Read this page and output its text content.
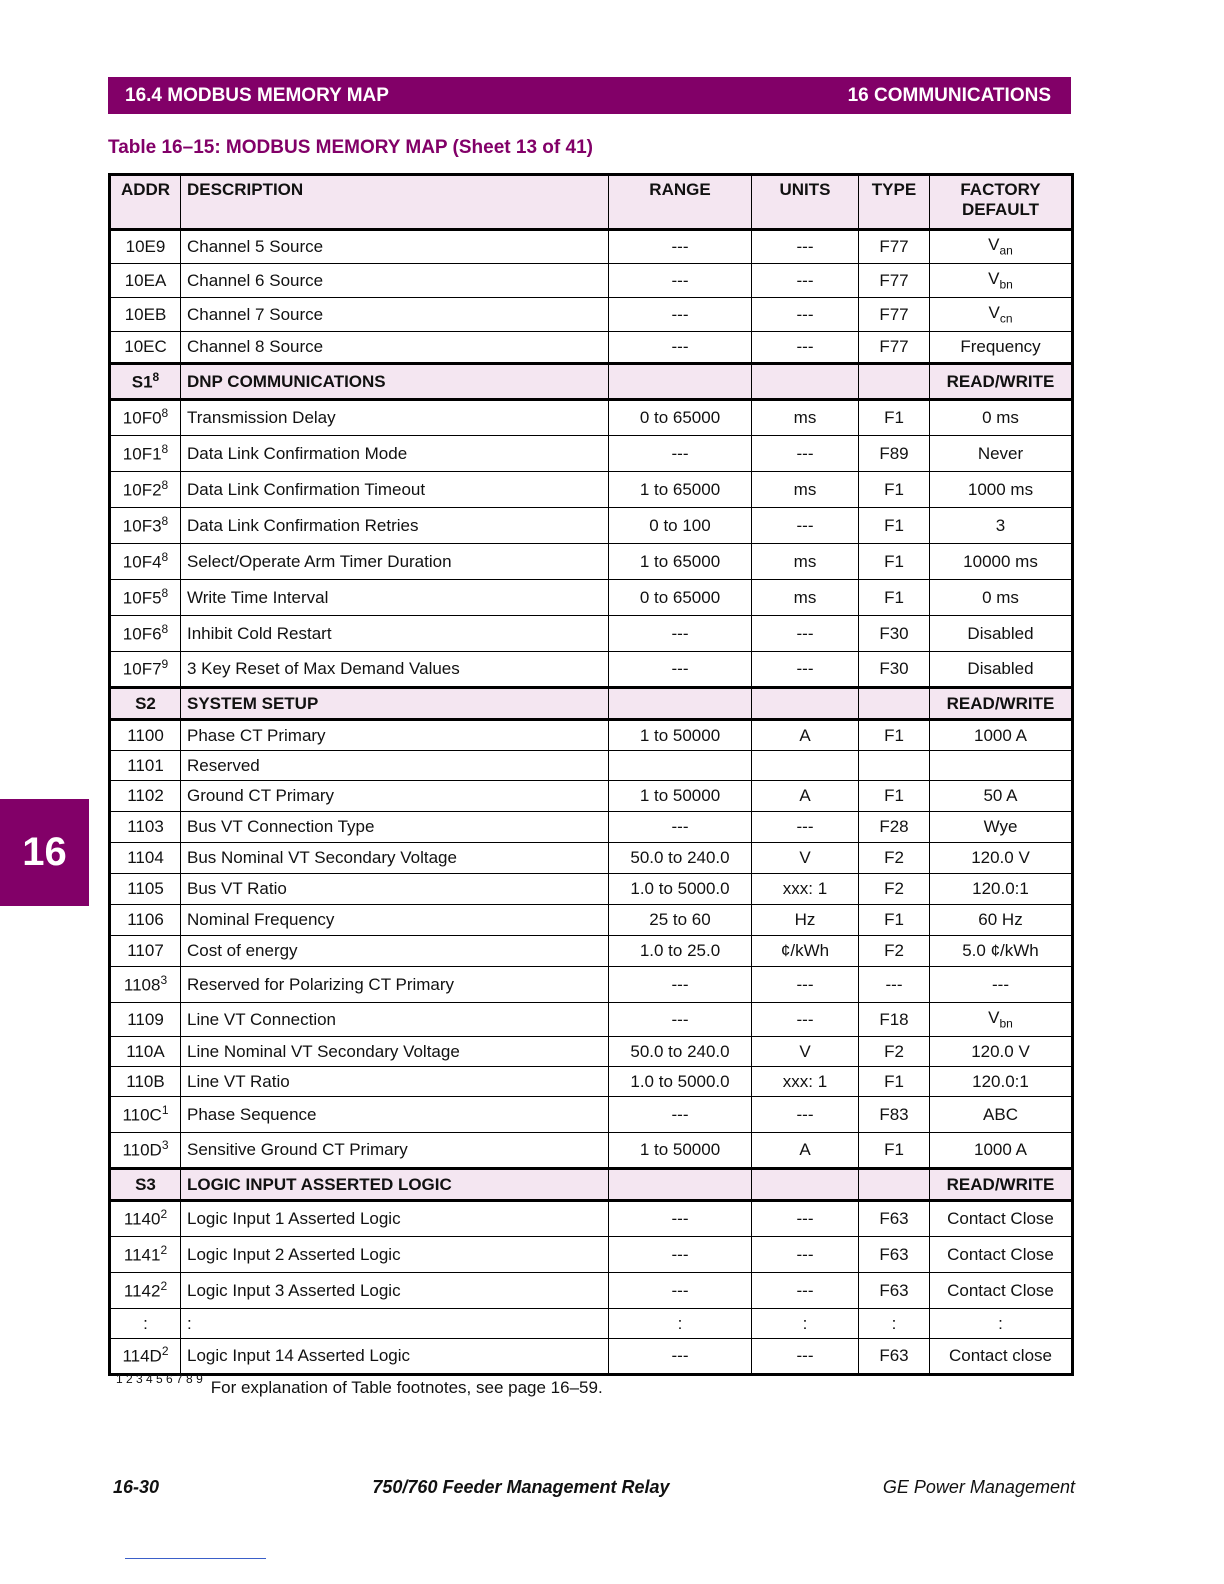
16.4 MODBUS MEMORY MAP	16 COMMUNICATIONS
Table 16–15: MODBUS MEMORY MAP (Sheet 13 of 41)
16
ADDR	DESCRIPTION	RANGE	UNITS	TYPE	FACTORY
DEFAULT
10E9	Channel 5 Source	---	---	F77	$V_{an}$
10EA	Channel 6 Source	---	---	F77	$V_{bn}$
10EB	Channel 7 Source	---	---	F77	$V_{cn}$
10EC	Channel 8 Source	---	---	F77	Frequency
$S1^8$	DNP COMMUNICATIONS				READ/WRITE
$10F0^8$	Transmission Delay	0 to 65000	ms	F1	0 ms
$10F1^8$	Data Link Confirmation Mode	---	---	F89	Never
$10F2^8$	Data Link Confirmation Timeout	1 to 65000	ms	F1	1000 ms
$10F3^8$	Data Link Confirmation Retries	0 to 100	---	F1	3
$10F4^8$	Select/Operate Arm Timer Duration	1 to 65000	ms	F1	10000 ms
$10F5^8$	Write Time Interval	0 to 65000	ms	F1	0 ms
$10F6^8$	Inhibit Cold Restart	---	---	F30	Disabled
$10F7^9$	3 Key Reset of Max Demand Values	---	---	F30	Disabled
S2	SYSTEM SETUP				READ/WRITE
1100	Phase CT Primary	1 to 50000	A	F1	1000 A
1101	Reserved				
1102	Ground CT Primary	1 to 50000	A	F1	50 A
1103	Bus VT Connection Type	---	---	F28	Wye
1104	Bus Nominal VT Secondary Voltage	50.0 to 240.0	V	F2	120.0 V
1105	Bus VT Ratio	1.0 to 5000.0	xxx: 1	F2	120.0:1
1106	Nominal Frequency	25 to 60	Hz	F1	60 Hz
1107	Cost of energy	1.0 to 25.0	¢/kWh	F2	5.0 ¢/kWh
1108$^3$	Reserved for Polarizing CT Primary	---	---	---	---
1109	Line VT Connection	---	---	F18	$V_{bn}$
110A	Line Nominal VT Secondary Voltage	50.0 to 240.0	V	F2	120.0 V
110B	Line VT Ratio	1.0 to 5000.0	xxx: 1	F1	120.0:1
$110C^1$	Phase Sequence	---	---	F83	ABC
$110D^3$	Sensitive Ground CT Primary	1 to 50000	A	F1	1000 A
S3	LOGIC INPUT ASSERTED LOGIC				READ/WRITE
1140$^2$	Logic Input 1 Asserted Logic	---	---	F63	Contact Close
1141$^2$	Logic Input 2 Asserted Logic	---	---	F63	Contact Close
1142$^2$	Logic Input 3 Asserted Logic	---	---	F63	Contact Close
:	:	:	:	:	:
$114D^2$	Logic Input 14 Asserted Logic	---	---	F63	Contact close
1 2 3 4 5 6 7 8 9 For explanation of Table footnotes, see page 16–59.
16-30	750/760 Feeder Management Relay	GE Power Management
